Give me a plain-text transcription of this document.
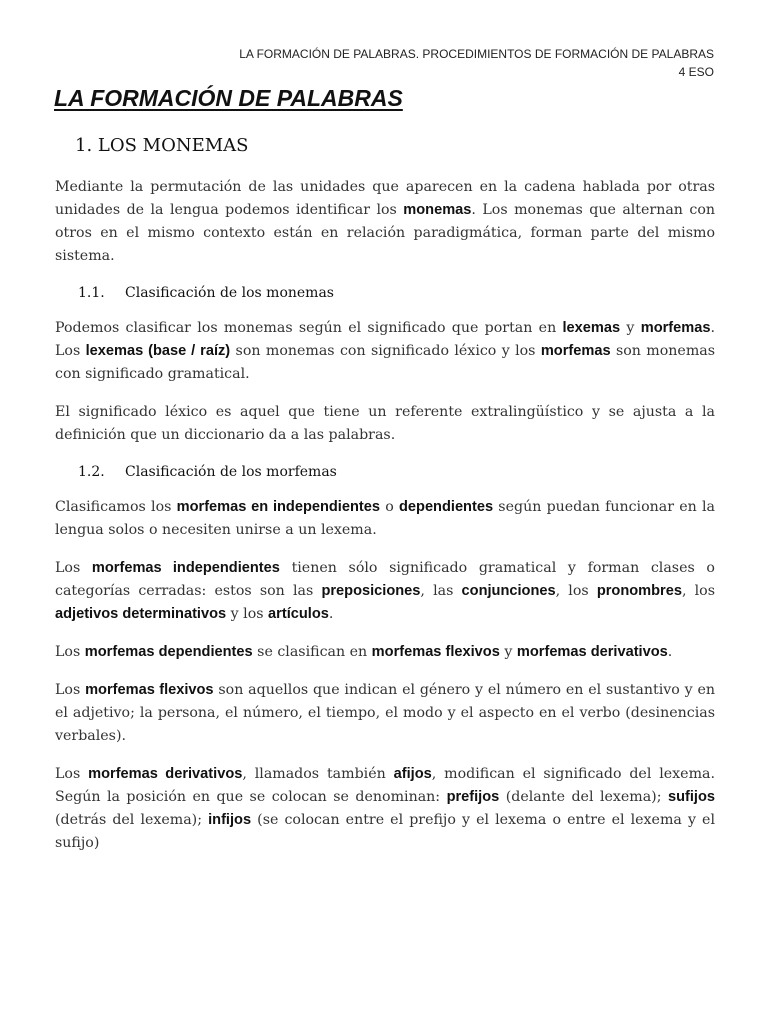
LA FORMACIÓN DE PALABRAS. PROCEDIMIENTOS DE FORMACIÓN DE PALABRAS
4 ESO
LA FORMACIÓN DE PALABRAS
1. LOS MONEMAS

Mediante la permutación de las unidades que aparecen en la cadena hablada por otras unidades de la lengua podemos identificar los monemas. Los monemas que alternan con otros en el mismo contexto están en relación paradigmática, forman parte del mismo sistema.

1.1. Clasificación de los monemas

Podemos clasificar los monemas según el significado que portan en lexemas y morfemas. Los lexemas (base / raíz) son monemas con significado léxico y los morfemas son monemas con significado gramatical.

El significado léxico es aquel que tiene un referente extralingüístico y se ajusta a la definición que un diccionario da a las palabras.

1.2. Clasificación de los morfemas

Clasificamos los morfemas en independientes o dependientes según puedan funcionar en la lengua solos o necesiten unirse a un lexema.

Los morfemas independientes tienen sólo significado gramatical y forman clases o categorías cerradas: estos son las preposiciones, las conjunciones, los pronombres, los adjetivos determinativos y los artículos.

Los morfemas dependientes se clasifican en morfemas flexivos y morfemas derivativos.

Los morfemas flexivos son aquellos que indican el género y el número en el sustantivo y en el adjetivo; la persona, el número, el tiempo, el modo y el aspecto en el verbo (desinencias verbales).

Los morfemas derivativos, llamados también afijos, modifican el significado del lexema. Según la posición en que se colocan se denominan: prefijos (delante del lexema); sufijos (detrás del lexema); infijos (se colocan entre el prefijo y el lexema o entre el lexema y el sufijo)
